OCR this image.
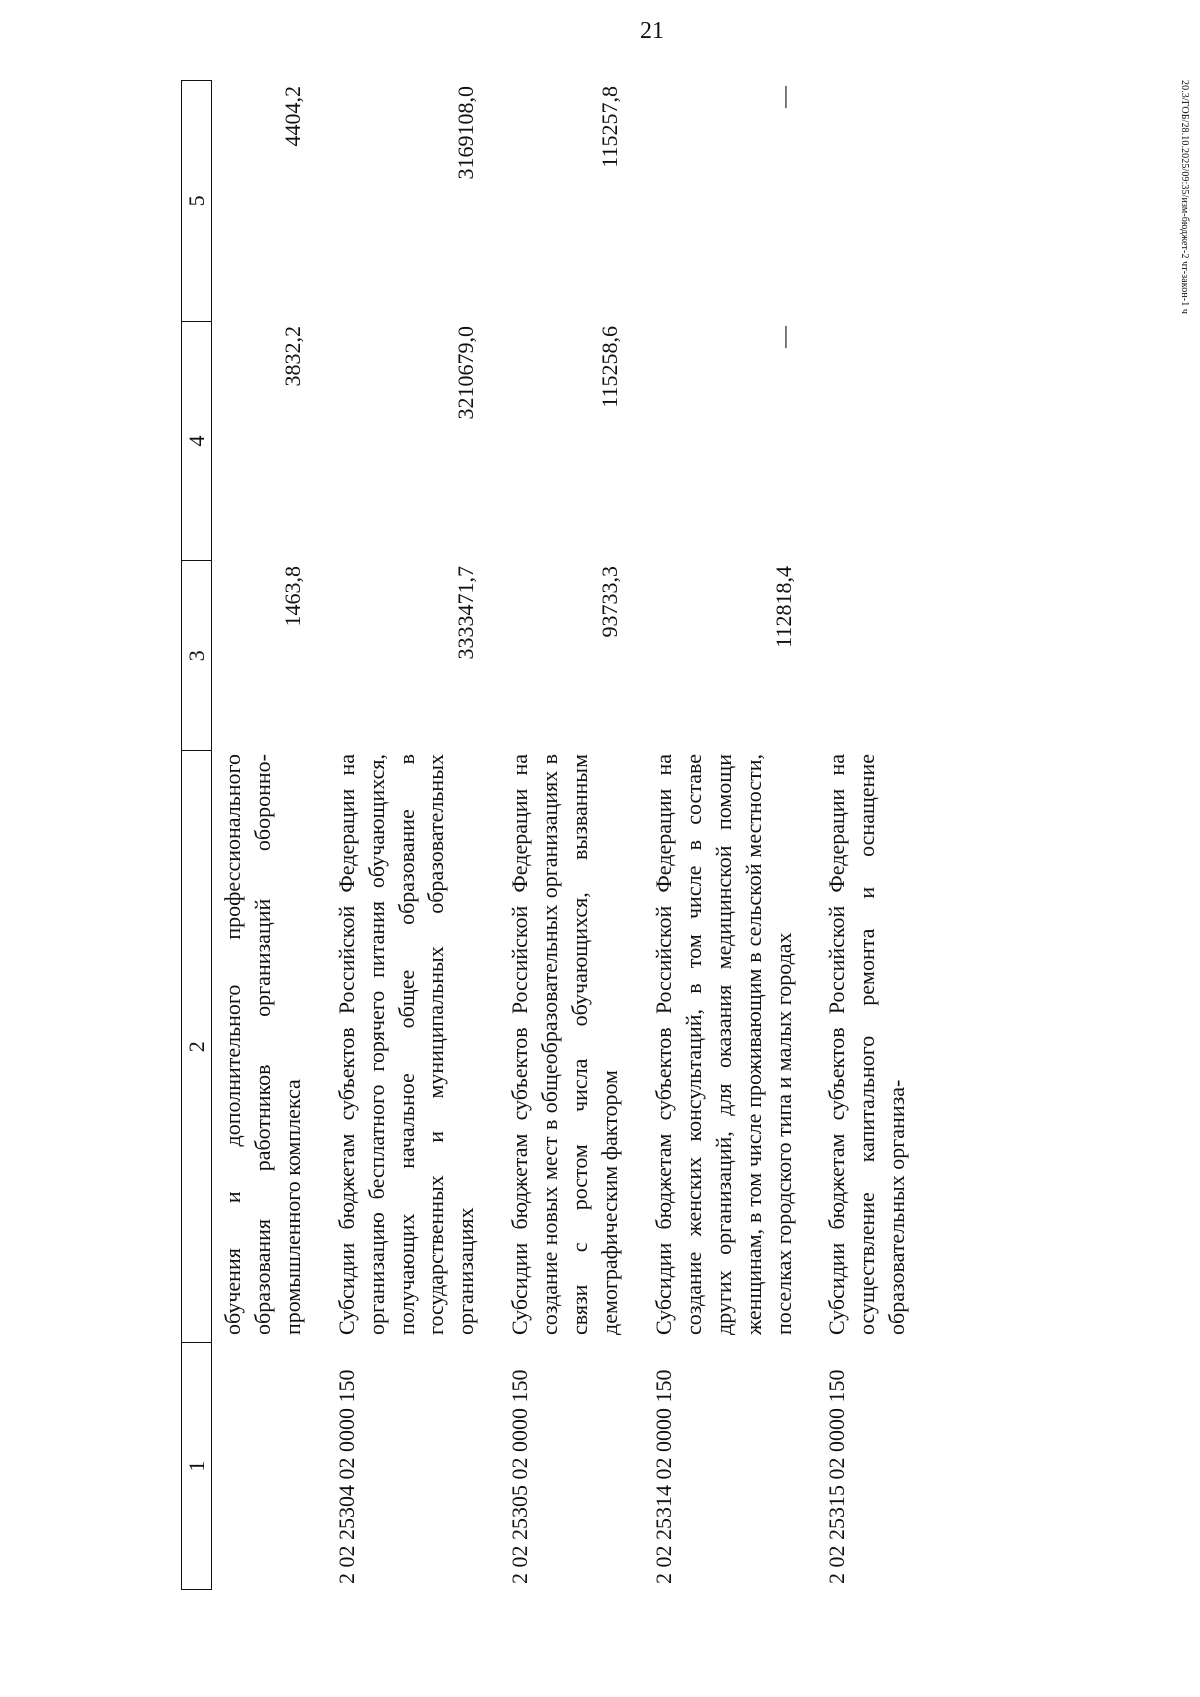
21
20.3/ГОБ/28.10.2025/09:35/изм-бюджет-2 чт-закон-1 ч
1
2
3
4
5
обучения и дополнительного профессионального образования работников организаций оборонно-промышленного комплекса
1463,8
3832,2
4404,2
2 02 25304 02 0000 150
Субсидии бюджетам субъектов Российской Федерации на организацию бесплатного горячего питания обучающихся, получающих начальное общее образование в государственных и муниципальных образовательных организациях
3333471,7
3210679,0
3169108,0
2 02 25305 02 0000 150
Субсидии бюджетам субъектов Российской Федерации на создание новых мест в общеобразовательных организациях в связи с ростом числа обучающихся, вызванным демографическим фактором
93733,3
115258,6
115257,8
2 02 25314 02 0000 150
Субсидии бюджетам субъектов Российской Федерации на создание женских консультаций, в том числе в составе других организаций, для оказания медицинской помощи женщинам, в том числе проживающим в сельской местности, поселках городского типа и малых городах
112818,4
—
—
2 02 25315 02 0000 150
Субсидии бюджетам субъектов Российской Федерации на осуществление капитального ремонта и оснащение образовательных организа-
